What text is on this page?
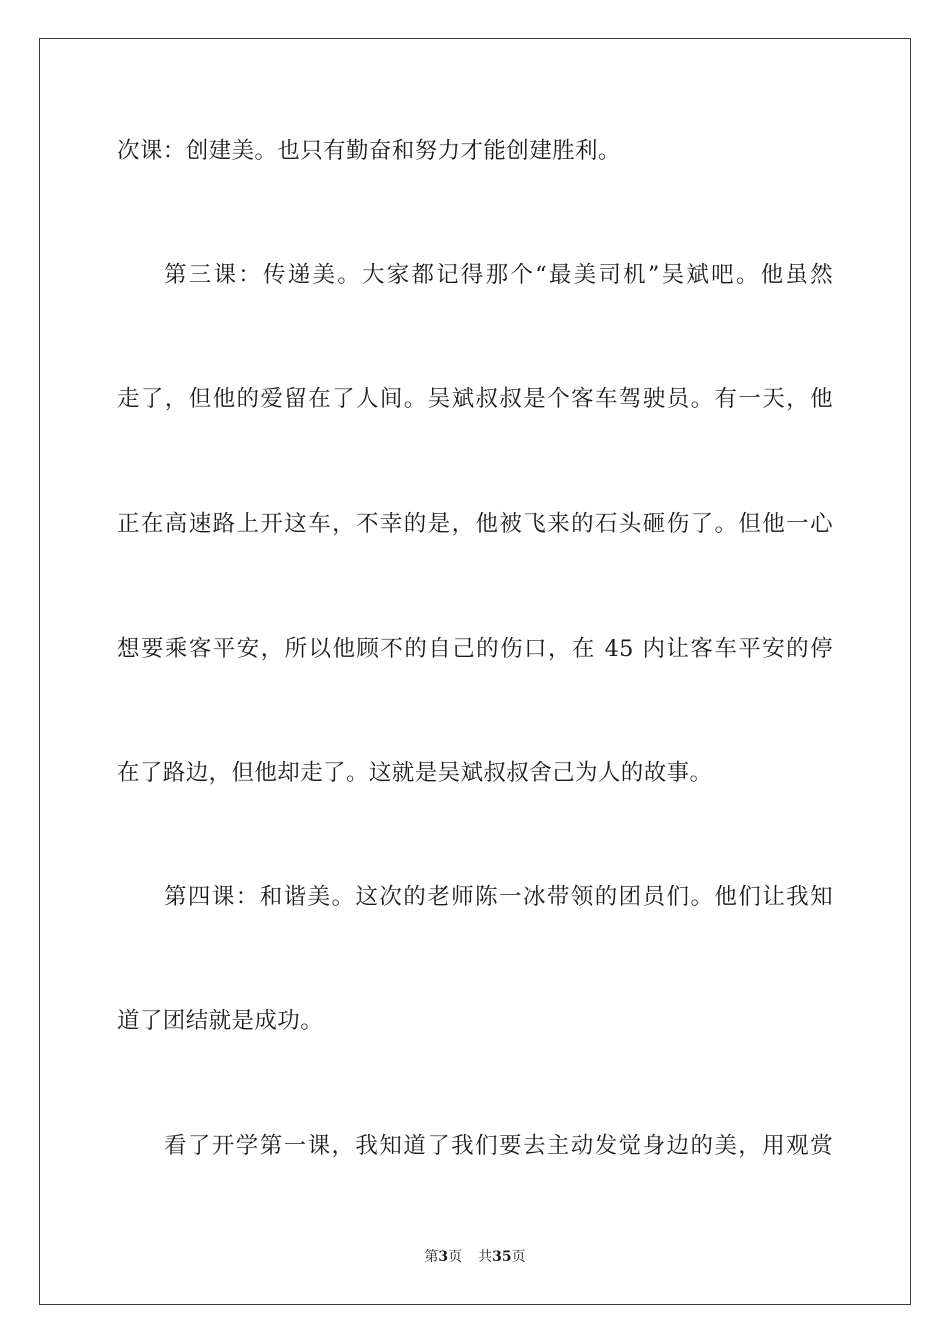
次课：创建美。也只有勤奋和努力才能创建胜利。
第三课：传递美。大家都记得那个“最美司机”吴斌吧。他虽然
走了，但他的爱留在了人间。吴斌叔叔是个客车驾驶员。有一天，他
正在高速路上开这车，不幸的是，他被飞来的石头砸伤了。但他一心
想要乘客平安，所以他顾不的自己的伤口，在 45 内让客车平安的停
在了路边，但他却走了。这就是吴斌叔叔舍己为人的故事。
第四课：和谐美。这次的老师陈一冰带领的团员们。他们让我知
道了团结就是成功。
看了开学第一课，我知道了我们要去主动发觉身边的美，用观赏
第3页 共35页
